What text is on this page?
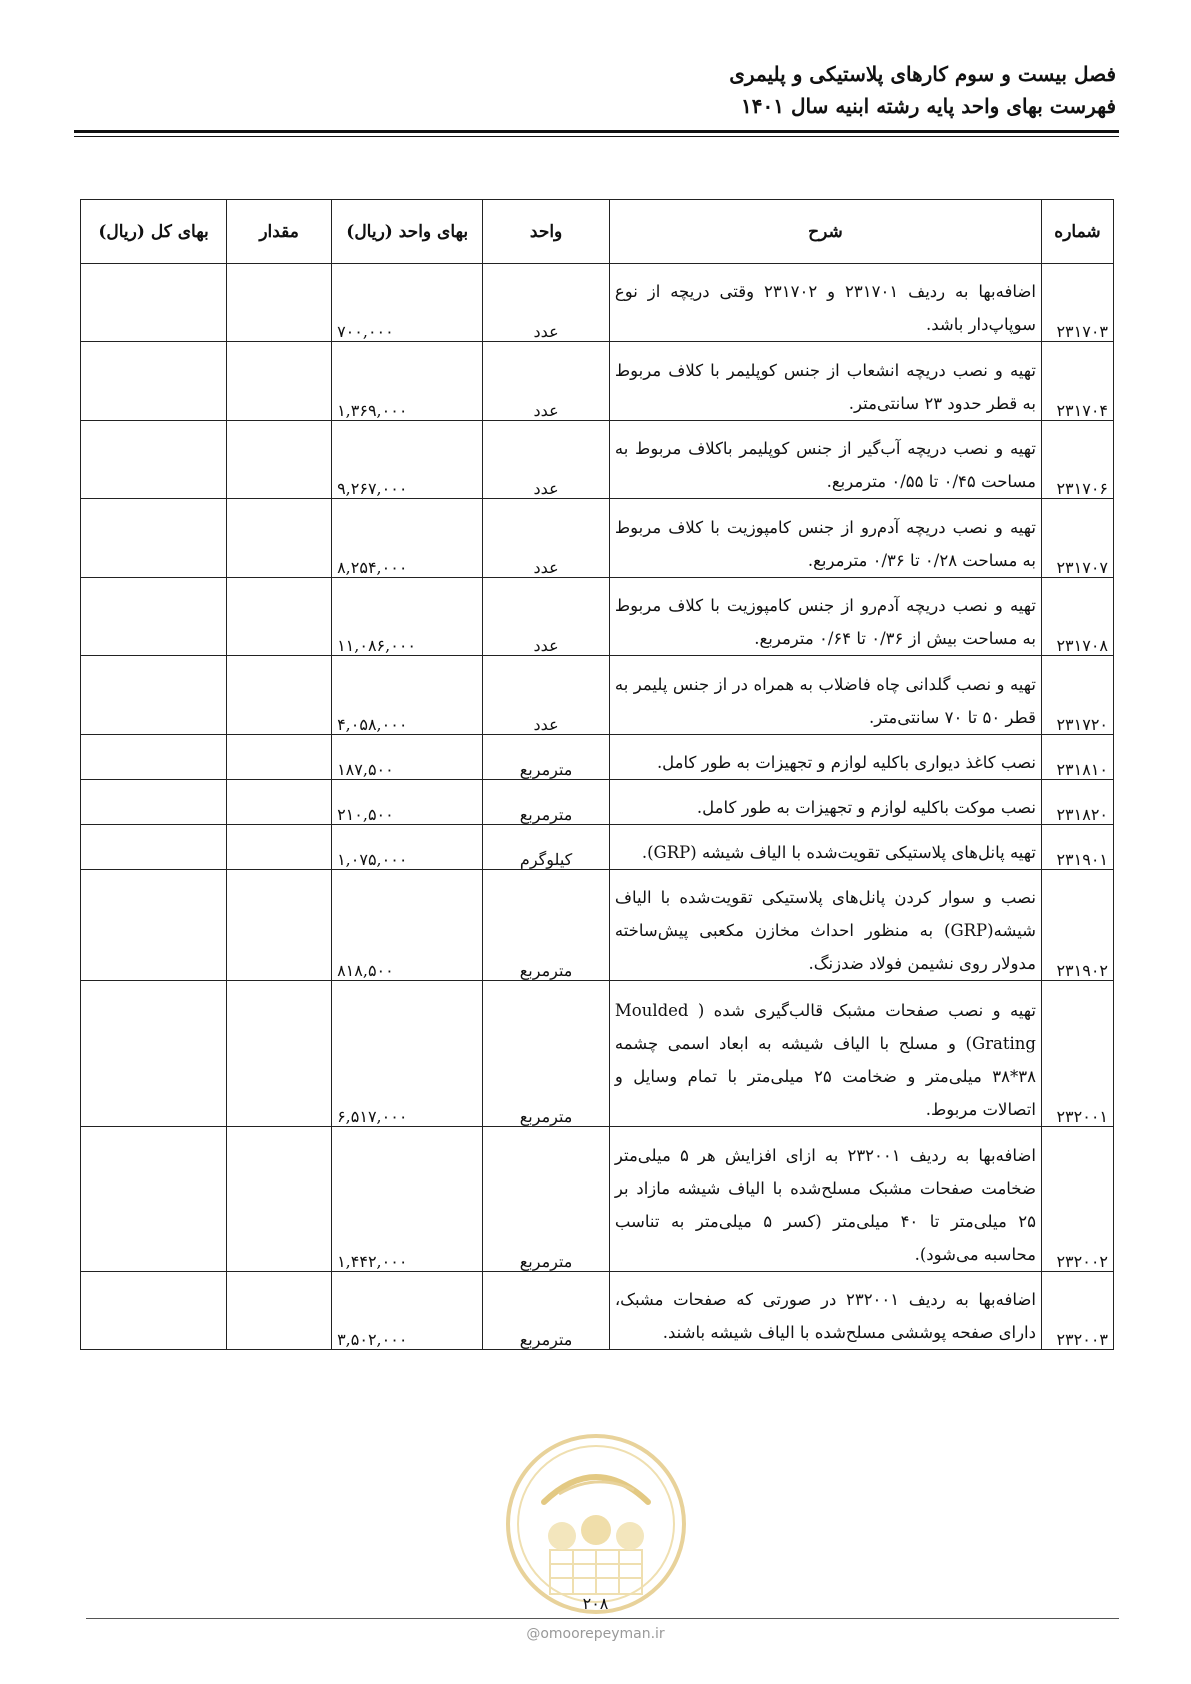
فصل بیست و سوم کارهای پلاستیکی و پلیمری
فهرست بهای واحد پایه رشته ابنیه سال ۱۴۰۱
شماره	شرح	واحد	بهای واحد (ریال)	مقدار	بهای کل (ریال)
۲۳۱۷۰۳	اضافه‌بها به ردیف ۲۳۱۷۰۱ و ۲۳۱۷۰۲ وقتی دریچه از نوع سوپاپ‌دار باشد.	عدد	۷۰۰,۰۰۰		
۲۳۱۷۰۴	تهیه و نصب دریچه انشعاب از جنس کوپلیمر با کلاف مربوط به قطر حدود ۲۳ سانتی‌متر.	عدد	۱,۳۶۹,۰۰۰		
۲۳۱۷۰۶	تهیه و نصب دریچه آب‌گیر از جنس کوپلیمر باکلاف مربوط به مساحت ۰/۴۵ تا ۰/۵۵ مترمربع.	عدد	۹,۲۶۷,۰۰۰		
۲۳۱۷۰۷	تهیه و نصب دریچه آدم‌رو از جنس کامپوزیت با کلاف مربوط به مساحت ۰/۲۸ تا ۰/۳۶ مترمربع.	عدد	۸,۲۵۴,۰۰۰		
۲۳۱۷۰۸	تهیه و نصب دریچه آدم‌رو از جنس کامپوزیت با کلاف مربوط به مساحت بیش از ۰/۳۶ تا ۰/۶۴ مترمربع.	عدد	۱۱,۰۸۶,۰۰۰		
۲۳۱۷۲۰	تهیه و نصب گلدانی چاه فاضلاب به همراه در از جنس پلیمر به قطر ۵۰ تا ۷۰ سانتی‌متر.	عدد	۴,۰۵۸,۰۰۰		
۲۳۱۸۱۰	نصب کاغذ دیواری باکلیه لوازم و تجهیزات به طور کامل.	مترمربع	۱۸۷,۵۰۰		
۲۳۱۸۲۰	نصب موکت باکلیه لوازم و تجهیزات به طور کامل.	مترمربع	۲۱۰,۵۰۰		
۲۳۱۹۰۱	تهیه پانل‌های پلاستیکی تقویت‌شده با الیاف شیشه (GRP).	کیلوگرم	۱,۰۷۵,۰۰۰		
۲۳۱۹۰۲	نصب و سوار کردن پانل‌های پلاستیکی تقویت‌شده با الیاف شیشه(GRP) به منظور احداث مخازن مکعبی پیش‌ساخته مدولار روی نشیمن فولاد ضدزنگ.	مترمربع	۸۱۸,۵۰۰		
۲۳۲۰۰۱	تهیه و نصب صفحات مشبک قالب‌گیری شده ( Moulded Grating) و مسلح با الیاف شیشه به ابعاد اسمی چشمه ۳۸*۳۸ میلی‌متر و ضخامت ۲۵ میلی‌متر با تمام وسایل و اتصالات مربوط.	مترمربع	۶,۵۱۷,۰۰۰		
۲۳۲۰۰۲	اضافه‌بها به ردیف ۲۳۲۰۰۱ به ازای افزایش هر ۵ میلی‌متر ضخامت صفحات مشبک مسلح‌شده با الیاف شیشه مازاد بر ۲۵ میلی‌متر تا ۴۰ میلی‌متر (کسر ۵ میلی‌متر به تناسب محاسبه می‌شود).	مترمربع	۱,۴۴۲,۰۰۰		
۲۳۲۰۰۳	اضافه‌بها به ردیف ۲۳۲۰۰۱ در صورتی که صفحات مشبک، دارای صفحه پوششی مسلح‌شده با الیاف شیشه باشند.	مترمربع	۳,۵۰۲,۰۰۰		
۲۰۸
@omoorepeyman.ir
